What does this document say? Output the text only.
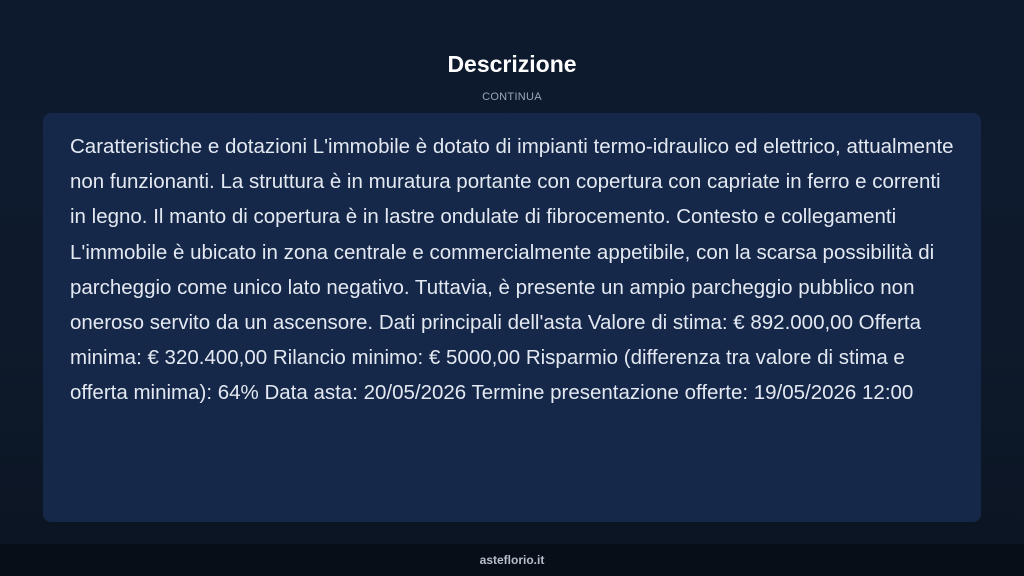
Descrizione
CONTINUA

Caratteristiche e dotazioni L'immobile è dotato di impianti termo-idraulico ed elettrico, attualmente non funzionanti. La struttura è in muratura portante con copertura con capriate in ferro e correnti in legno. Il manto di copertura è in lastre ondulate di fibrocemento. Contesto e collegamenti L'immobile è ubicato in zona centrale e commercialmente appetibile, con la scarsa possibilità di parcheggio come unico lato negativo. Tuttavia, è presente un ampio parcheggio pubblico non oneroso servito da un ascensore. Dati principali dell'asta Valore di stima: € 892.000,00 Offerta minima: € 320.400,00 Rilancio minimo: € 5000,00 Risparmio (differenza tra valore di stima e offerta minima): 64% Data asta: 20/05/2026 Termine presentazione offerte: 19/05/2026 12:00

asteflorio.it
